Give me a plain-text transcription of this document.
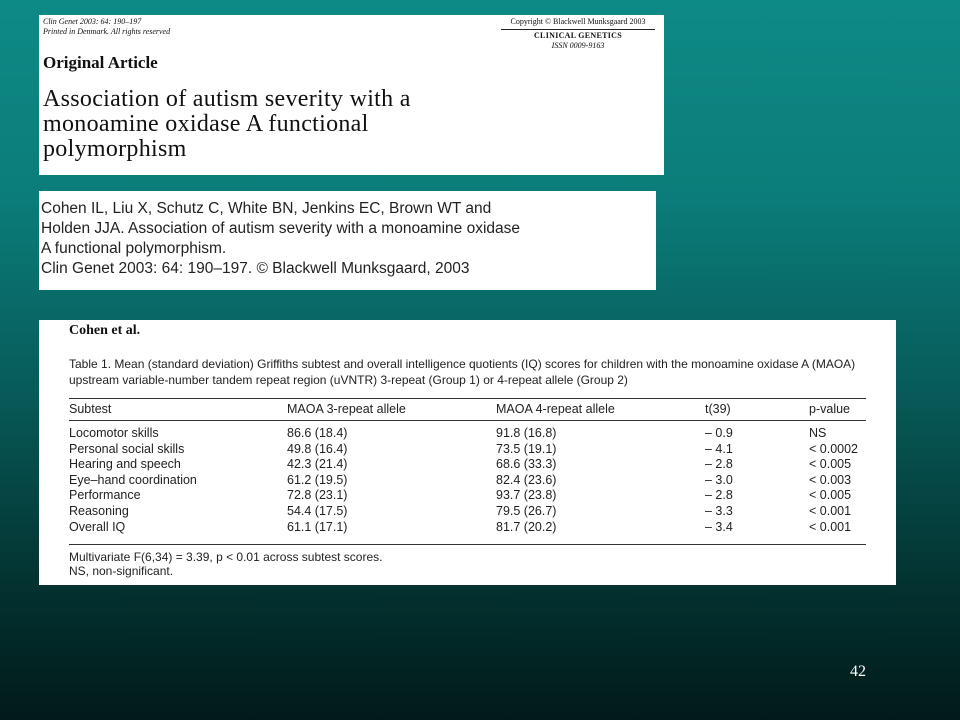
Clin Genet 2003: 64: 190–197
Printed in Denmark. All rights reserved
Copyright © Blackwell Munksgaard 2003
CLINICAL GENETICS
ISSN 0009-9163
Original Article
Association of autism severity with a
monoamine oxidase A functional
polymorphism
Cohen IL, Liu X, Schutz C, White BN, Jenkins EC, Brown WT and
Holden JJA. Association of autism severity with a monoamine oxidase
A functional polymorphism.
Clin Genet 2003: 64: 190–197. © Blackwell Munksgaard, 2003
Cohen et al.
Table 1. Mean (standard deviation) Griffiths subtest and overall intelligence quotients (IQ) scores for children with the monoamine oxidase A (MAOA) upstream variable-number tandem repeat region (uVNTR) 3-repeat (Group 1) or 4-repeat allele (Group 2)
Subtest	MAOA 3-repeat allele	MAOA 4-repeat allele	t(39)	p-value
Locomotor skills	86.6 (18.4)	91.8 (16.8)	– 0.9	NS
Personal social skills	49.8 (16.4)	73.5 (19.1)	– 4.1	< 0.0002
Hearing and speech	42.3 (21.4)	68.6 (33.3)	– 2.8	< 0.005
Eye–hand coordination	61.2 (19.5)	82.4 (23.6)	– 3.0	< 0.003
Performance	72.8 (23.1)	93.7 (23.8)	– 2.8	< 0.005
Reasoning	54.4 (17.5)	79.5 (26.7)	– 3.3	< 0.001
Overall IQ	61.1 (17.1)	81.7 (20.2)	– 3.4	< 0.001
Multivariate F(6,34) = 3.39, p < 0.01 across subtest scores.
NS, non-significant.
42
